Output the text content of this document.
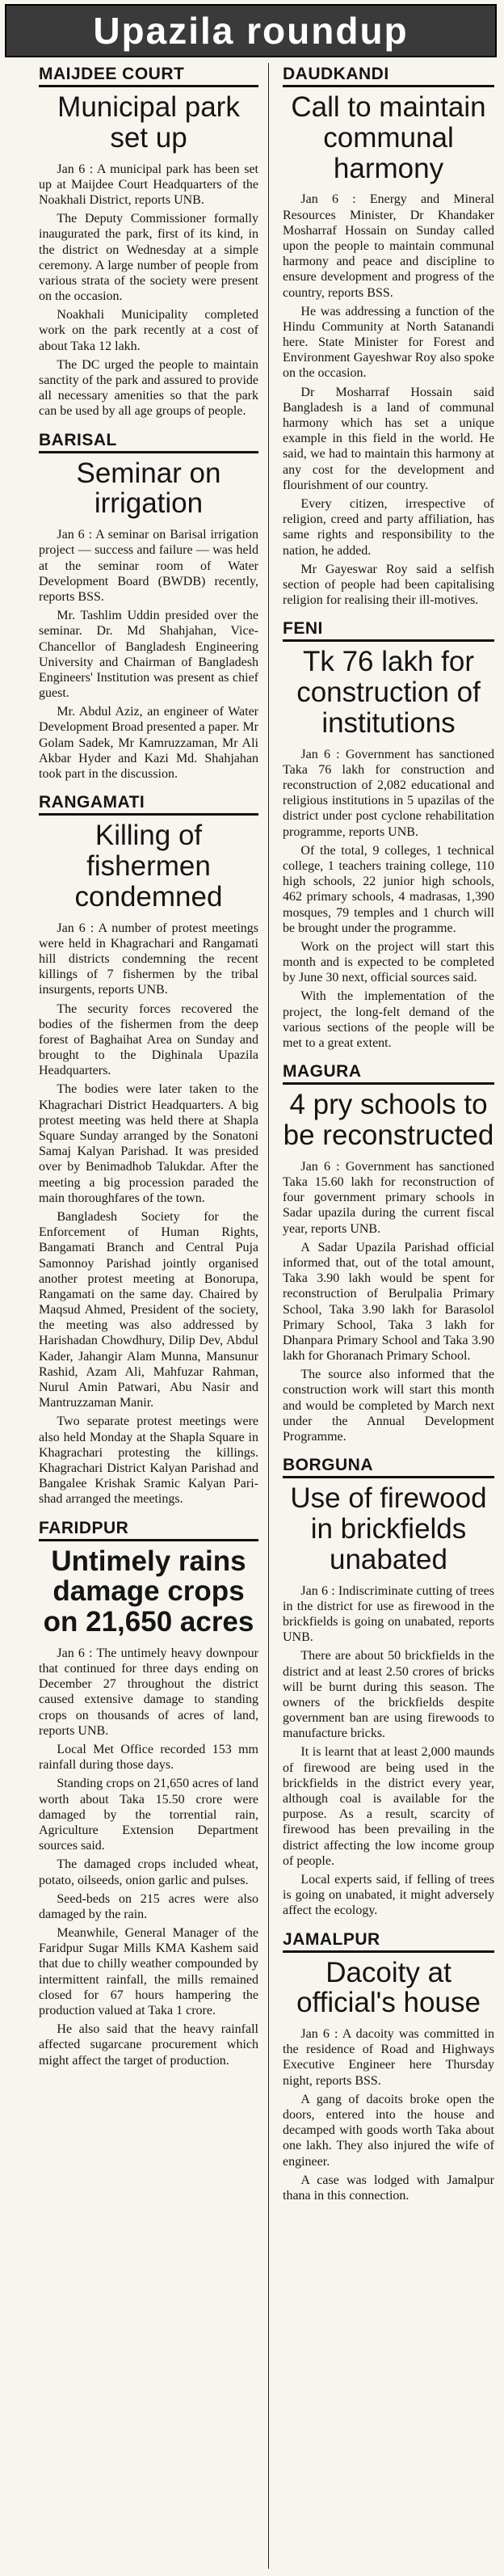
Upazila roundup
MAIJDEE COURT
Municipal park set up

Jan 6 : A municipal park has been set up at Maijdee Court Headquarters of the Noakhali District, reports UNB.

The Deputy Commissioner formally inaugurated the park, first of its kind, in the district on Wednesday at a simple ceremony. A large number of people from various strata of the society were present on the occasion.

Noakhali Municipality completed work on the park recently at a cost of about Taka 12 lakh.

The DC urged the people to maintain sanctity of the park and assured to provide all necessary amenities so that the park can be used by all age groups of people.

BARISAL
Seminar on irrigation

Jan 6 : A seminar on Barisal irrigation project — success and failure — was held at the seminar room of Water Development Board (BWDB) recently, reports BSS.

Mr. Tashlim Uddin presided over the seminar. Dr. Md Shahjahan, Vice-Chancellor of Bangladesh Engineering University and Chairman of Bangladesh Engineers' Institution was present as chief guest.

Mr. Abdul Aziz, an engineer of Water Development Broad presented a paper. Mr Golam Sadek, Mr Kamruzzaman, Mr Ali Akbar Hyder and Kazi Md. Shahjahan took part in the discussion.

RANGAMATI
Killing of fishermen condemned

Jan 6 : A number of protest meetings were held in Khagrachari and Rangamati hill districts condemning the recent killings of 7 fishermen by the tribal insurgents, reports UNB.

The security forces recovered the bodies of the fishermen from the deep forest of Baghaihat Area on Sunday and brought to the Dighinala Upazila Headquarters.

The bodies were later taken to the Khagrachari District Headquarters. A big protest meeting was held there at Shapla Square Sunday arranged by the Sonatoni Samaj Kalyan Parishad. It was presided over by Benimadhob Talukdar. After the meeting a big procession paraded the main thoroughfares of the town.

Bangladesh Society for the Enforcement of Human Rights, Bangamati Branch and Central Puja Samonnoy Parishad jointly organised another protest meeting at Bonorupa, Rangamati on the same day. Chaired by Maqsud Ahmed, President of the society, the meeting was also addressed by Harishadan Chowdhury, Dilip Dev, Abdul Kader, Jahangir Alam Munna, Mansunur Rashid, Azam Ali, Mahfuzar Rahman, Nurul Amin Patwari, Abu Nasir and Mantruzzaman Manir.

Two separate protest meetings were also held Monday at the Shapla Square in Khagrachari protesting the killings. Khagrachari District Kalyan Parishad and Bangalee Krishak Sramic Kalyan Pari-shad arranged the meetings.

FARIDPUR
Untimely rains damage crops on 21,650 acres

Jan 6 : The untimely heavy downpour that continued for three days ending on December 27 throughout the district caused extensive damage to standing crops on thousands of acres of land, reports UNB.

Local Met Office recorded 153 mm rainfall during those days.

Standing crops on 21,650 acres of land worth about Taka 15.50 crore were damaged by the torrential rain, Agriculture Extension Department sources said.

The damaged crops included wheat, potato, oilseeds, onion garlic and pulses.

Seed-beds on 215 acres were also damaged by the rain.

Meanwhile, General Manager of the Faridpur Sugar Mills KMA Kashem said that due to chilly weather compounded by intermittent rainfall, the mills remained closed for 67 hours hampering the production valued at Taka 1 crore.

He also said that the heavy rainfall affected sugarcane procurement which might affect the target of production.

DAUDKANDI
Call to maintain communal harmony

Jan 6 : Energy and Mineral Resources Minister, Dr Khandaker Mosharraf Hossain on Sunday called upon the people to maintain communal harmony and peace and discipline to ensure development and progress of the country, reports BSS.

He was addressing a function of the Hindu Community at North Satanandi here. State Minister for Forest and Environment Gayeshwar Roy also spoke on the occasion.

Dr Mosharraf Hossain said Bangladesh is a land of communal harmony which has set a unique example in this field in the world. He said, we had to maintain this harmony at any cost for the development and flourishment of our country.

Every citizen, irrespective of religion, creed and party affiliation, has same rights and responsibility to the nation, he added.

Mr Gayeswar Roy said a selfish section of people had been capitalising religion for realising their ill-motives.

FENI
Tk 76 lakh for construction of institutions

Jan 6 : Government has sanctioned Taka 76 lakh for construction and reconstruction of 2,082 educational and religious institutions in 5 upazilas of the district under post cyclone rehabilitation programme, reports UNB.

Of the total, 9 colleges, 1 technical college, 1 teachers training college, 110 high schools, 22 junior high schools, 462 primary schools, 4 madrasas, 1,390 mosques, 79 temples and 1 church will be brought under the programme.

Work on the project will start this month and is expected to be completed by June 30 next, official sources said.

With the implementation of the project, the long-felt demand of the various sections of the people will be met to a great extent.

MAGURA
4 pry schools to be reconstructed

Jan 6 : Government has sanctioned Taka 15.60 lakh for reconstruction of four government primary schools in Sadar upazila during the current fiscal year, reports UNB.

A Sadar Upazila Parishad official informed that, out of the total amount, Taka 3.90 lakh would be spent for reconstruction of Berulpalia Primary School, Taka 3.90 lakh for Barasolol Primary School, Taka 3 lakh for Dhanpara Primary School and Taka 3.90 lakh for Ghoranach Primary School.

The source also informed that the construction work will start this month and would be completed by March next under the Annual Development Programme.

BORGUNA
Use of firewood in brickfields unabated

Jan 6 : Indiscriminate cutting of trees in the district for use as firewood in the brickfields is going on unabated, reports UNB.

There are about 50 brickfields in the district and at least 2.50 crores of bricks will be burnt during this season. The owners of the brickfields despite government ban are using firewoods to manufacture bricks.

It is learnt that at least 2,000 maunds of firewood are being used in the brickfields in the district every year, although coal is available for the purpose. As a result, scarcity of firewood has been prevailing in the district affecting the low income group of people.

Local experts said, if felling of trees is going on unabated, it might adversely affect the ecology.

JAMALPUR
Dacoity at official's house

Jan 6 : A dacoity was committed in the residence of Road and Highways Executive Engineer here Thursday night, reports BSS.

A gang of dacoits broke open the doors, entered into the house and decamped with goods worth Taka about one lakh. They also injured the wife of engineer.

A case was lodged with Jamalpur thana in this connection.
